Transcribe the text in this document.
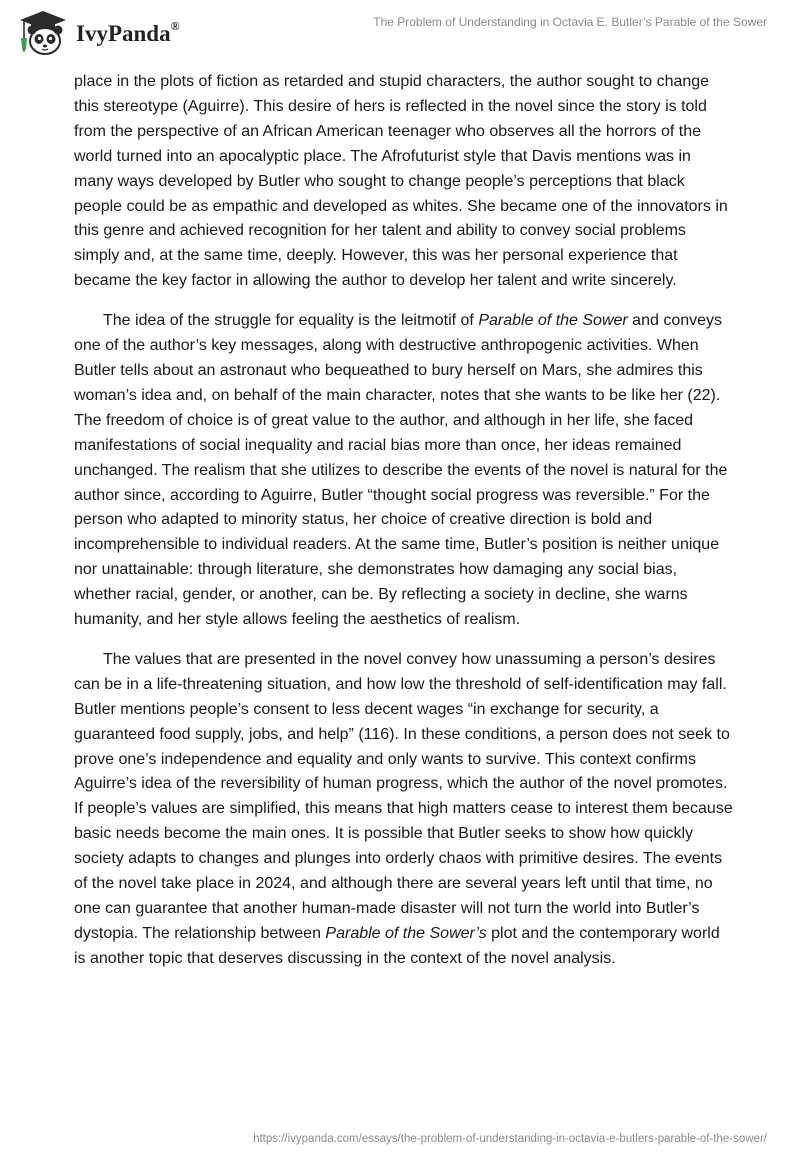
IvyPanda®	The Problem of Understanding in Octavia E. Butler’s Parable of the Sower

place in the plots of fiction as retarded and stupid characters, the author sought to change this stereotype (Aguirre). This desire of hers is reflected in the novel since the story is told from the perspective of an African American teenager who observes all the horrors of the world turned into an apocalyptic place. The Afrofuturist style that Davis mentions was in many ways developed by Butler who sought to change people’s perceptions that black people could be as empathic and developed as whites. She became one of the innovators in this genre and achieved recognition for her talent and ability to convey social problems simply and, at the same time, deeply. However, this was her personal experience that became the key factor in allowing the author to develop her talent and write sincerely.

The idea of the struggle for equality is the leitmotif of Parable of the Sower and conveys one of the author’s key messages, along with destructive anthropogenic activities. When Butler tells about an astronaut who bequeathed to bury herself on Mars, she admires this woman’s idea and, on behalf of the main character, notes that she wants to be like her (22). The freedom of choice is of great value to the author, and although in her life, she faced manifestations of social inequality and racial bias more than once, her ideas remained unchanged. The realism that she utilizes to describe the events of the novel is natural for the author since, according to Aguirre, Butler “thought social progress was reversible.” For the person who adapted to minority status, her choice of creative direction is bold and incomprehensible to individual readers. At the same time, Butler’s position is neither unique nor unattainable: through literature, she demonstrates how damaging any social bias, whether racial, gender, or another, can be. By reflecting a society in decline, she warns humanity, and her style allows feeling the aesthetics of realism.

The values that are presented in the novel convey how unassuming a person’s desires can be in a life-threatening situation, and how low the threshold of self-identification may fall. Butler mentions people’s consent to less decent wages “in exchange for security, a guaranteed food supply, jobs, and help” (116). In these conditions, a person does not seek to prove one’s independence and equality and only wants to survive. This context confirms Aguirre’s idea of the reversibility of human progress, which the author of the novel promotes. If people’s values are simplified, this means that high matters cease to interest them because basic needs become the main ones. It is possible that Butler seeks to show how quickly society adapts to changes and plunges into orderly chaos with primitive desires. The events of the novel take place in 2024, and although there are several years left until that time, no one can guarantee that another human-made disaster will not turn the world into Butler’s dystopia. The relationship between Parable of the Sower’s plot and the contemporary world is another topic that deserves discussing in the context of the novel analysis.

https://ivypanda.com/essays/the-problem-of-understanding-in-octavia-e-butlers-parable-of-the-sower/
